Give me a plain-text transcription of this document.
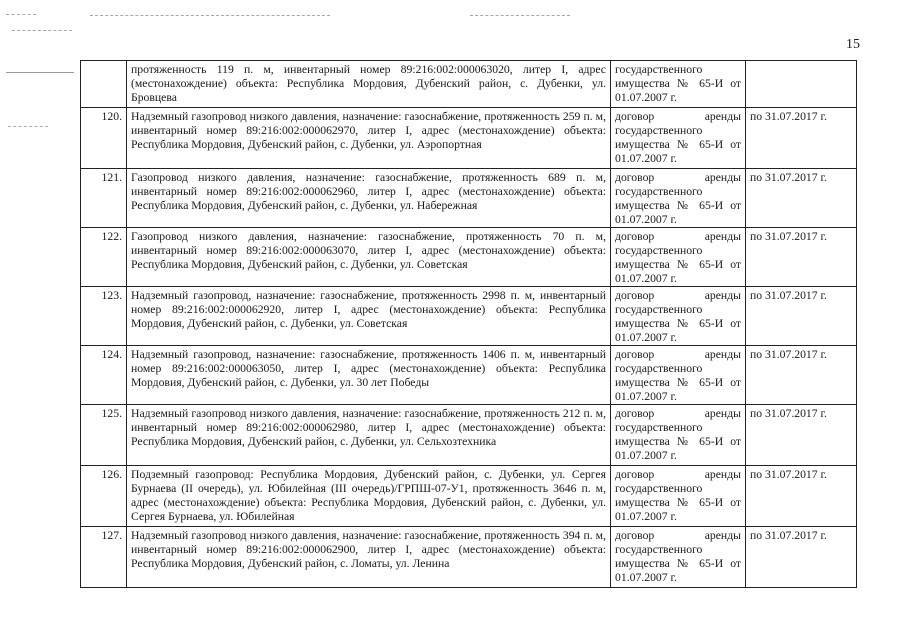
15
	протяженность 119 п. м, инвентарный номер 89:216:002:000063020, литер I, адрес (местонахождение) объекта: Республика Мордовия, Дубенский район, с. Дубенки, ул. Бровцева	государственного имущества № 65-И от 01.07.2007 г.	
120.	Надземный газопровод низкого давления, назначение: газоснабжение, протяженность 259 п. м, инвентарный номер 89:216:002:000062970, литер I, адрес (местонахождение) объекта: Республика Мордовия, Дубенский район, с. Дубенки, ул. Аэропортная	договор аренды государственного имущества № 65-И от 01.07.2007 г.	по 31.07.2017 г.
121.	Газопровод низкого давления, назначение: газоснабжение, протяженность 689 п. м, инвентарный номер 89:216:002:000062960, литер I, адрес (местонахождение) объекта: Республика Мордовия, Дубенский район, с. Дубенки, ул. Набережная	договор аренды государственного имущества № 65-И от 01.07.2007 г.	по 31.07.2017 г.
122.	Газопровод низкого давления, назначение: газоснабжение, протяженность 70 п. м, инвентарный номер 89:216:002:000063070, литер I, адрес (местонахождение) объекта: Республика Мордовия, Дубенский район, с. Дубенки, ул. Советская	договор аренды государственного имущества № 65-И от 01.07.2007 г.	по 31.07.2017 г.
123.	Надземный газопровод, назначение: газоснабжение, протяженность 2998 п. м, инвентарный номер 89:216:002:000062920, литер I, адрес (местонахождение) объекта: Республика Мордовия, Дубенский район, с. Дубенки, ул. Советская	договор аренды государственного имущества № 65-И от 01.07.2007 г.	по 31.07.2017 г.
124.	Надземный газопровод, назначение: газоснабжение, протяженность 1406 п. м, инвентарный номер 89:216:002:000063050, литер I, адрес (местонахождение) объекта: Республика Мордовия, Дубенский район, с. Дубенки, ул. 30 лет Победы	договор аренды государственного имущества № 65-И от 01.07.2007 г.	по 31.07.2017 г.
125.	Надземный газопровод низкого давления, назначение: газоснабжение, протяженность 212 п. м, инвентарный номер 89:216:002:000062980, литер I, адрес (местонахождение) объекта: Республика Мордовия, Дубенский район, с. Дубенки, ул. Сельхозтехника	договор аренды государственного имущества № 65-И от 01.07.2007 г.	по 31.07.2017 г.
126.	Подземный газопровод: Республика Мордовия, Дубенский район, с. Дубенки, ул. Сергея Бурнаева (II очередь), ул. Юбилейная (III очередь)/ГРПШ-07-У1, протяженность 3646 п. м, адрес (местонахождение) объекта: Республика Мордовия, Дубенский район, с. Дубенки, ул. Сергея Бурнаева, ул. Юбилейная	договор аренды государственного имущества № 65-И от 01.07.2007 г.	по 31.07.2017 г.
127.	Надземный газопровод низкого давления, назначение: газоснабжение, протяженность 394 п. м, инвентарный номер 89:216:002:000062900, литер I, адрес (местонахождение) объекта: Республика Мордовия, Дубенский район, с. Ломаты, ул. Ленина	договор аренды государственного имущества № 65-И от 01.07.2007 г.	по 31.07.2017 г.
